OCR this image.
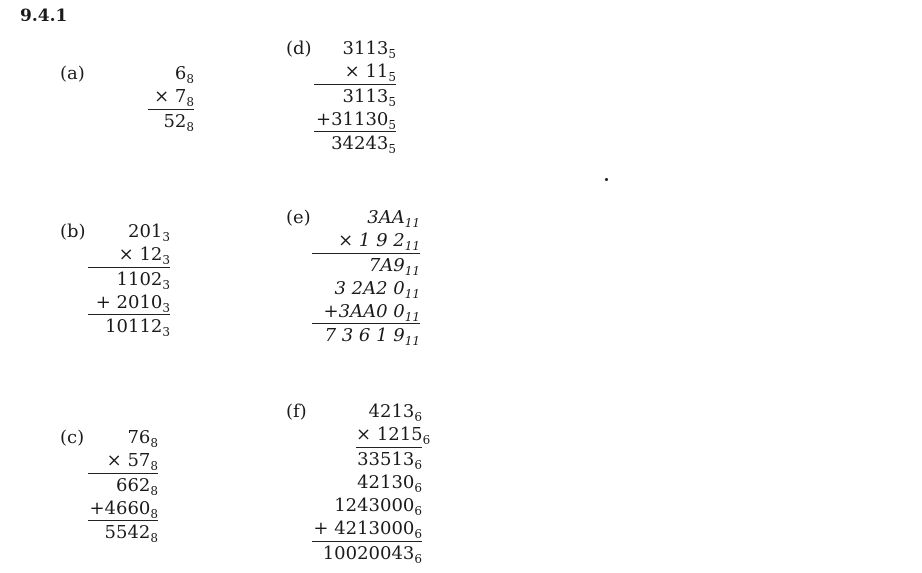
9.4.1
(a)	$6_8$
× $7_8$
$52_8$
(b)	$201_3$
× $12_3$
$1102_3$
+ $2010_3$
$10112_3$
(c)	$76_8$
× $57_8$
$662_8$
$+4660_8$
$5542_8$
(d)	$3113_5$
× $11_5$
$3113_5$
$+31130_5$
$34243_5$
(e)	$3AA_{11}$
× 1 9 $2_{11}$
$7A9_{11}$
3 2A2 $0_{11}$
+3AA0 $0_{11}$
7 3 6 1 $9_{11}$
(f)	$4213_6$
× $1215_6$
$33513_6$
$42130_6$
$1243000_6$
+ $4213000_6$
$10020043_6$
